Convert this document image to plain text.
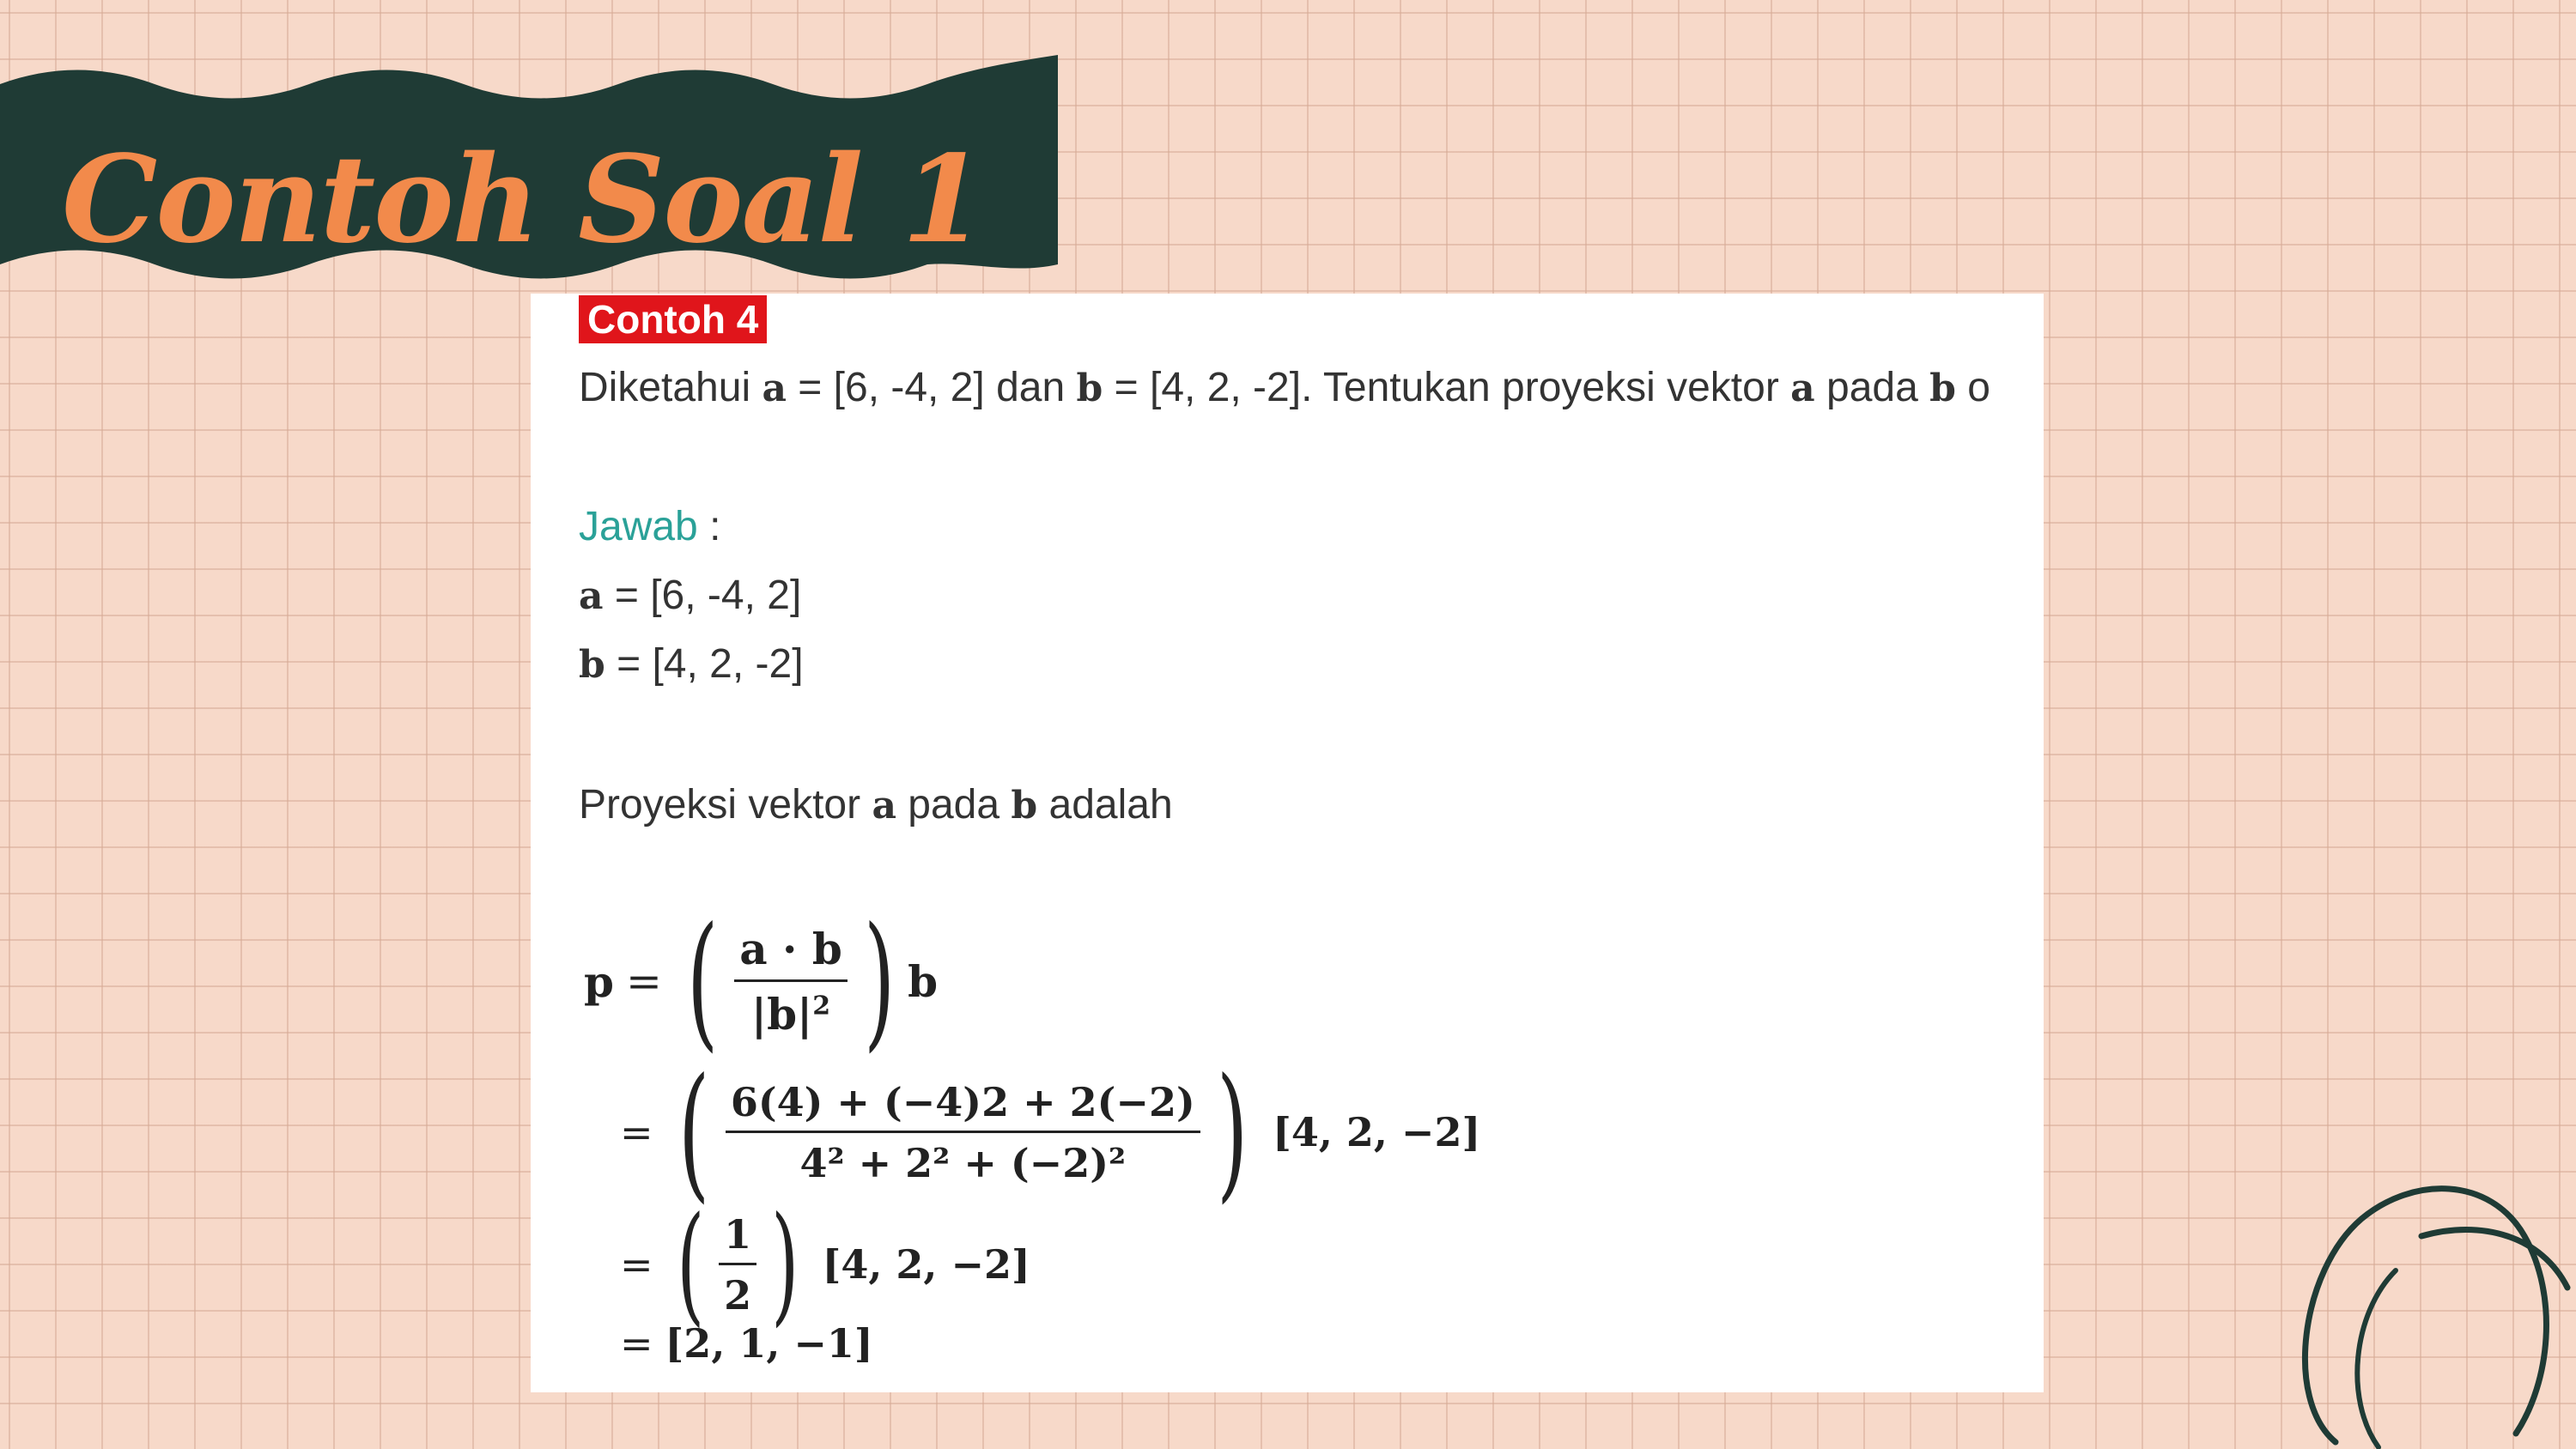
Contoh Soal 1
Contoh 4
Diketahui a = [6, -4, 2] dan b = [4, 2, -2]. Tentukan proyeksi vektor a pada b o
Jawab :
a = [6, -4, 2]
b = [4, 2, -2]
Proyeksi vektor a pada b adalah
p = ( $\frac{a \cdot b}{|b|^2}$ ) b
= ( $\frac{6(4) + (-4)2 + 2(-2)}{\text{4² + 2² + (−2)²}}$ ) [4, 2, −2]
= ( $\frac{1}{2}$ ) [4, 2, −2]
= [2, 1, −1]
